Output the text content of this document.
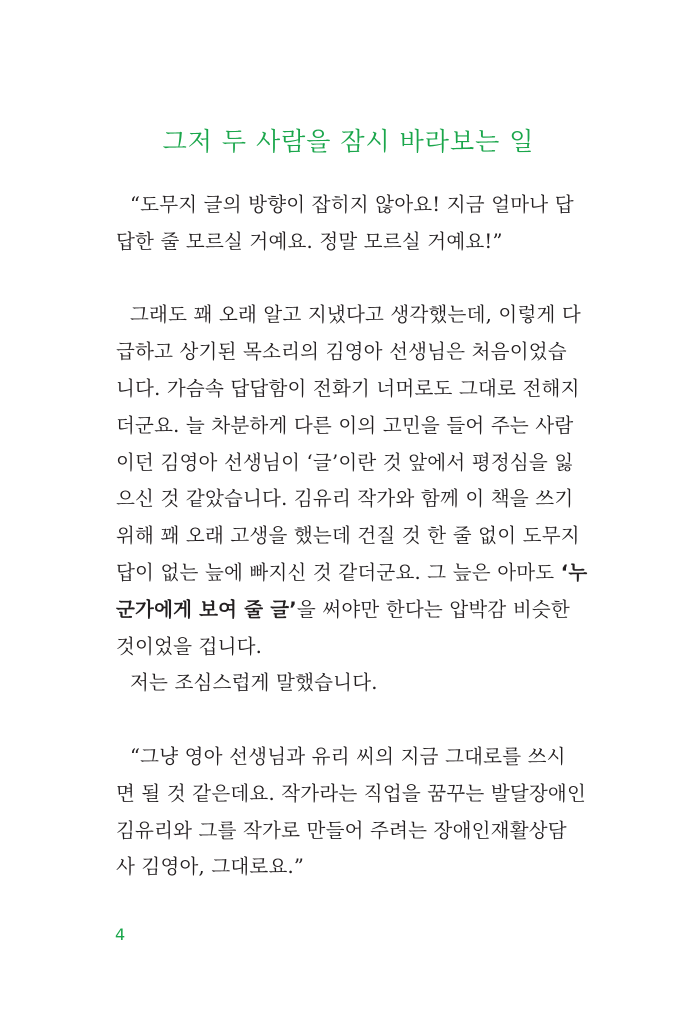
그저 두 사람을 잠시 바라보는 일
“도무지 글의 방향이 잡히지 않아요! 지금 얼마나 답
답한 줄 모르실 거예요. 정말 모르실 거예요!”
그래도 꽤 오래 알고 지냈다고 생각했는데, 이렇게 다
급하고 상기된 목소리의 김영아 선생님은 처음이었습
니다. 가슴속 답답함이 전화기 너머로도 그대로 전해지
더군요. 늘 차분하게 다른 이의 고민을 들어 주는 사람
이던 김영아 선생님이 ‘글’이란 것 앞에서 평정심을 잃
으신 것 같았습니다. 김유리 작가와 함께 이 책을 쓰기
위해 꽤 오래 고생을 했는데 건질 것 한 줄 없이 도무지
답이 없는 늪에 빠지신 것 같더군요. 그 늪은 아마도 ‘누
군가에게 보여 줄 글’을 써야만 한다는 압박감 비슷한
것이었을 겁니다.
저는 조심스럽게 말했습니다.
“그냥 영아 선생님과 유리 씨의 지금 그대로를 쓰시
면 될 것 같은데요. 작가라는 직업을 꿈꾸는 발달장애인
김유리와 그를 작가로 만들어 주려는 장애인재활상담
사 김영아, 그대로요.”
4
